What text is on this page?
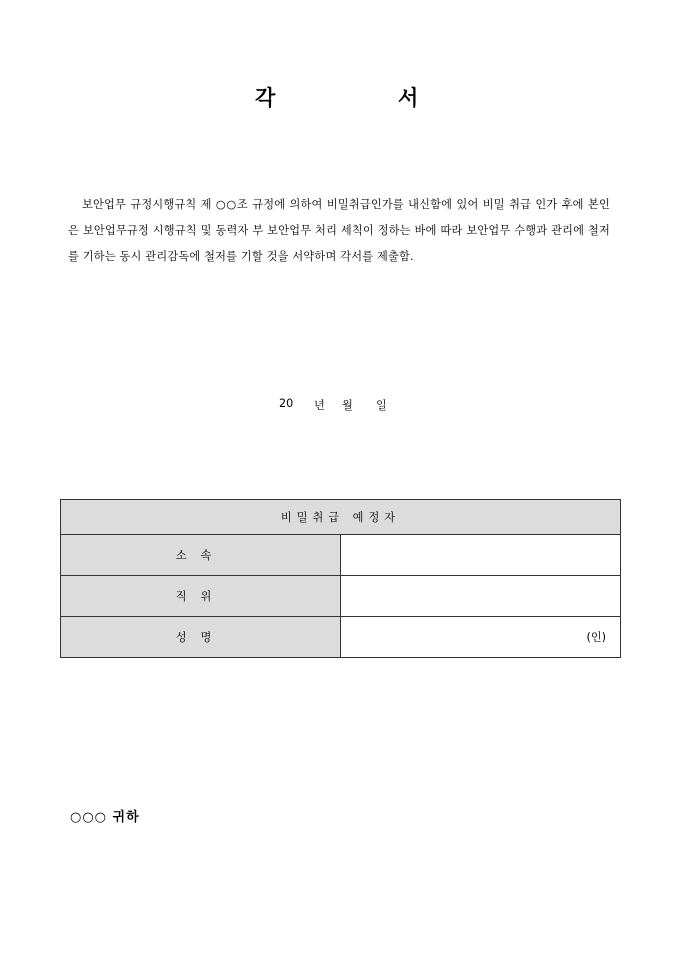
각	서
보안업무 규정시행규칙 제 ○○조 규정에 의하여 비밀취급인가를 내신함에 있어 비밀 취급 인가 후에 본인은 보안업무규정 시행규칙 및 동력자 부 보안업무 처리 세칙이 정하는 바에 따라 보안업무 수행과 관리에 철저를 기하는 동시 관리감독에 철저를 기할 것을 서약하며 각서를 제출함.
20 년 월 일
비밀취급 예정자	
소속	
직위	
성명	(인)
○○○ 귀하
